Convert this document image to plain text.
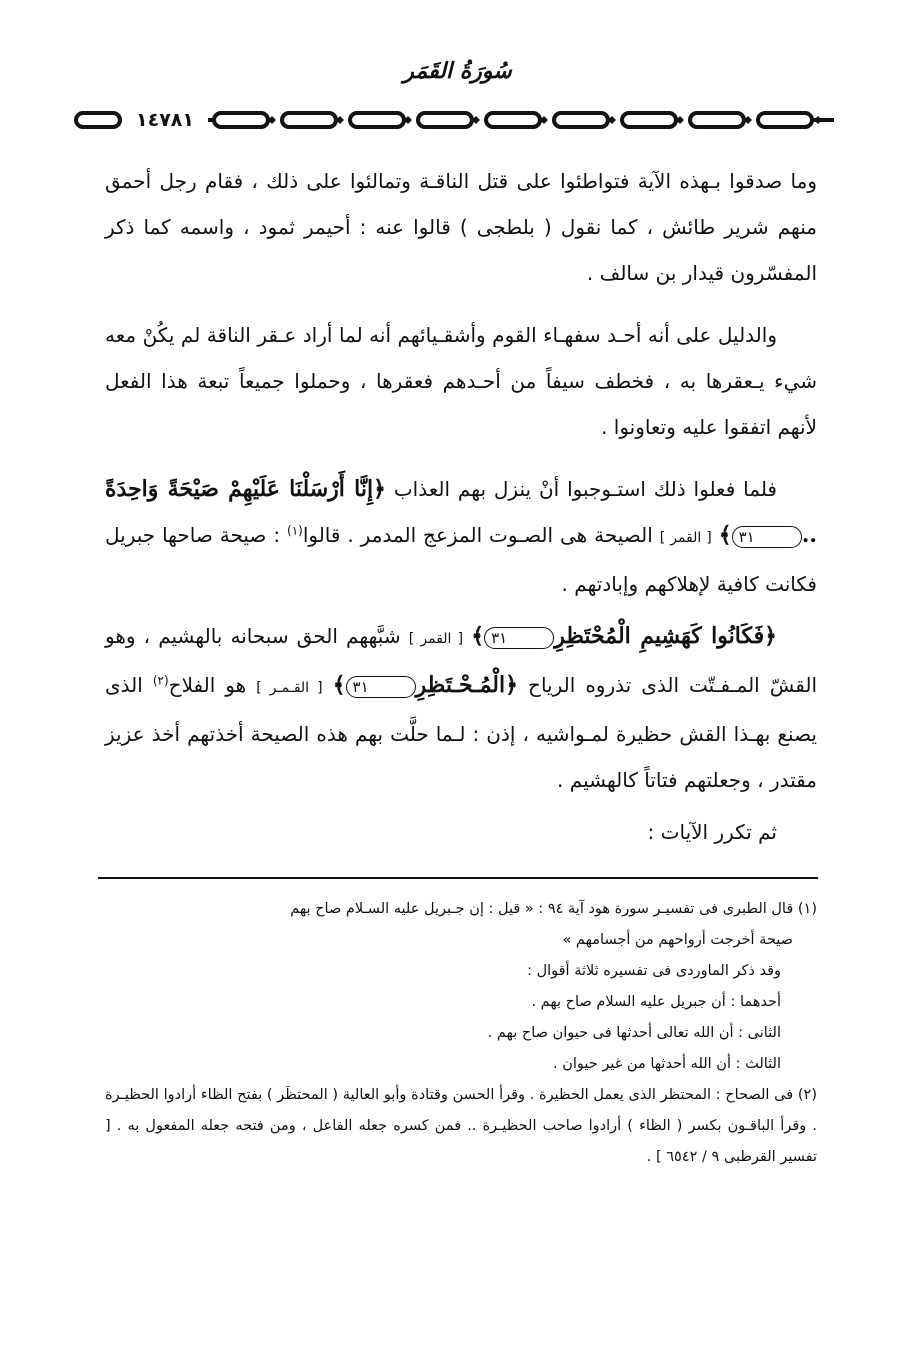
سُورَةُ القَمَر
١٤٧٨١

وما صدقوا بـهذه الآية فتواطئوا على قتل الناقـة وتمالئوا على ذلك ، فقام رجل أحمق منهم شرير طائش ، كما نقول ( بلطجى ) قالوا عنه : أحيمر ثمود ، واسمه كما ذكر المفسّرون قيدار بن سالف .

والدليل على أنه أحـد سفهـاء القوم وأشقـيائهم أنه لما أراد عـقر الناقة لم يكُنْ معه شيء يـعقرها به ، فخطف سيفاً من أحـدهم فعقرها ، وحملوا جميعاً تبعة هذا الفعل لأنهم اتفقوا عليه وتعاونوا .

فلما فعلوا ذلك استـوجبوا أنْ ينزل بهم العذاب ﴿إِنَّا أَرْسَلْنَا عَلَيْهِمْ صَيْحَةً وَاحِدَةً ..٣١﴾ [ القمر ] الصيحة هى الصـوت المزعج المدمر . قالوا$^{(١)}$ : صيحة صاحها جبريل فكانت كافية لإهلاكهم وإبادتهم .

﴿فَكَانُوا كَهَشِيمِ الْمُحْتَظِرِ٣١﴾ [ القمر ] شبَّههم الحق سبحانه بالهشيم ، وهو القشّ المـفـتّت الذى تذروه الرياح ﴿الْمُـحْـتَظِرِ٣١﴾ [ القـمـر ] هو الفلاح$^{(٢)}$ الذى يصنع بهـذا القش حظيرة لمـواشيه ، إذن : لـما حلَّت بهم هذه الصيحة أخذتهم أخذ عزيز مقتدر ، وجعلتهم فتاتاً كالهشيم .

ثم تكرر الآيات :

(١) قال الطبرى فى تفسيـر سورة هود آية ٩٤ : « قيل : إن جـبريل عليه السـلام صاح بهم

صيحة أخرجت أرواحهم من أجسامهم »

وقد ذكر الماوردى فى تفسيره ثلاثة أقوال :

أحدهما : أن جبريل عليه السلام صاح بهم .

الثانى : أن الله تعالى أحدثها فى حيوان صاح بهم .

الثالث : أن الله أحدثها من غير حيوان .

(٢) فى الصحاح : المحتظر الذى يعمل الحظيرة . وقرأ الحسن وقتادة وأبو العالية ( المحتظَر ) بفتح الظاء أرادوا الحظيـرة . وقرأ الباقـون بكسر ( الظاء ) أرادوا صاحب الحظيـرة .. فمن كسره جعله الفاعل ، ومن فتحه جعله المفعول به . [ تفسير القرطبى ٩ / ٦٥٤٢ ] .
